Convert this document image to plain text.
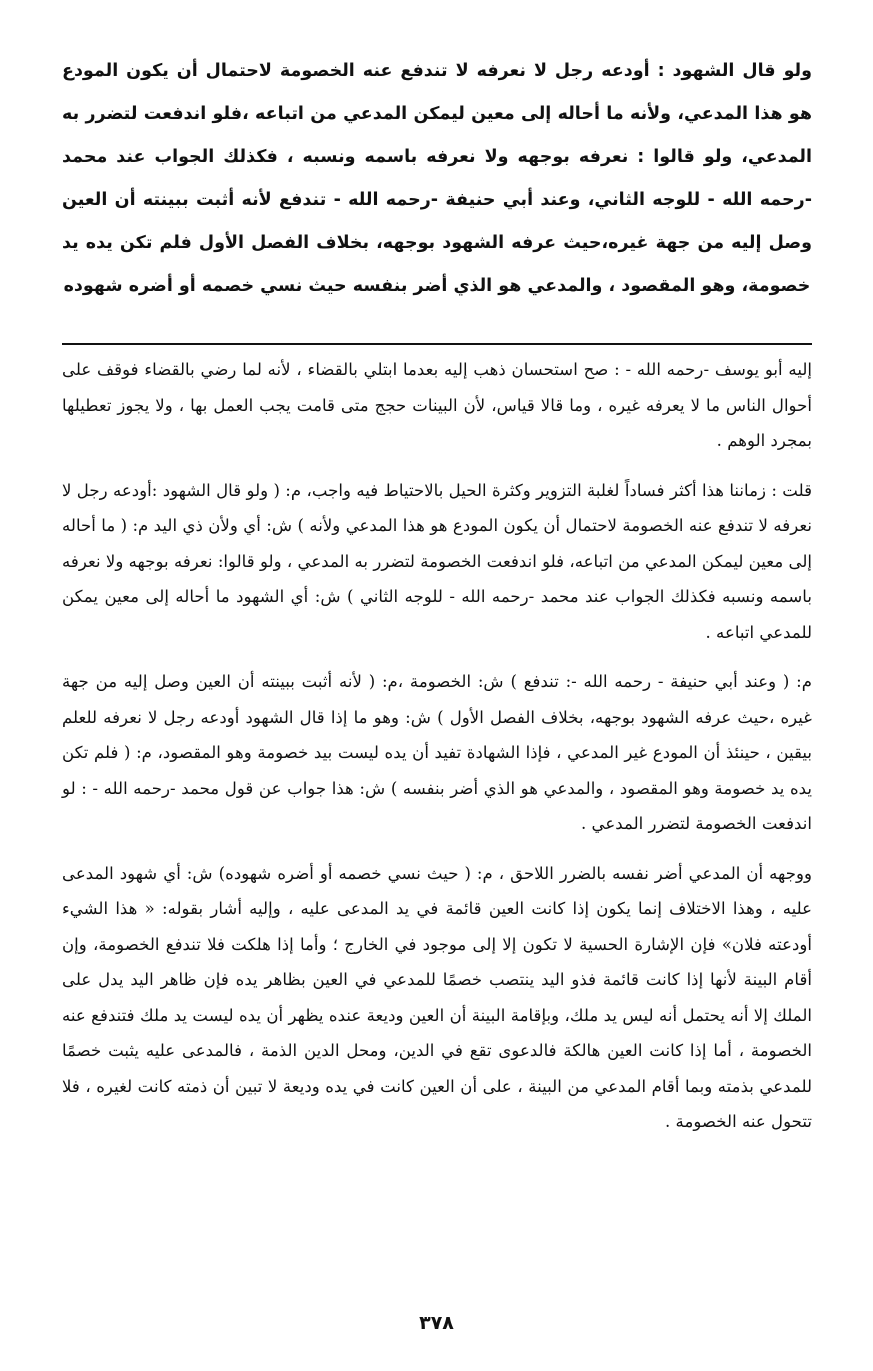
ولو قال الشهود : أودعه رجل لا نعرفه لا تندفع عنه الخصومة لاحتمال أن يكون المودع هو هذا المدعي، ولأنه ما أحاله إلى معين ليمكن المدعي من اتباعه ،فلو اندفعت لتضرر به المدعي، ولو قالوا : نعرفه بوجهه ولا نعرفه باسمه ونسبه ، فكذلك الجواب عند محمد -رحمه الله - للوجه الثاني، وعند أبي حنيفة -رحمه الله - تندفع لأنه أثبت ببينته أن العين وصل إليه من جهة غيره،حيث عرفه الشهود بوجهه، بخلاف الفصل الأول فلم تكن يده يد خصومة، وهو المقصود ، والمدعي هو الذي أضر بنفسه حيث نسي خصمه أو أضره شهوده

إليه أبو يوسف -رحمه الله - : صح استحسان ذهب إليه بعدما ابتلي بالقضاء ، لأنه لما رضي بالقضاء فوقف على أحوال الناس ما لا يعرفه غيره ، وما قالا قياس، لأن البينات حجج متى قامت يجب العمل بها ، ولا يجوز تعطيلها بمجرد الوهم .

قلت : زماننا هذا أكثر فساداً لغلبة التزوير وكثرة الحيل بالاحتياط فيه واجب، م: ( ولو قال الشهود :أودعه رجل لا نعرفه لا تندفع عنه الخصومة لاحتمال أن يكون المودع هو هذا المدعي ولأنه ) ش: أي ولأن ذي اليد م: ( ما أحاله إلى معين ليمكن المدعي من اتباعه، فلو اندفعت الخصومة لتضرر به المدعي ، ولو قالوا: نعرفه بوجهه ولا نعرفه باسمه ونسبه فكذلك الجواب عند محمد -رحمه الله - للوجه الثاني ) ش: أي الشهود ما أحاله إلى معين يمكن للمدعي اتباعه .

م: ( وعند أبي حنيفة - رحمه الله -: تندفع ) ش: الخصومة ،م: ( لأنه أثبت ببينته أن العين وصل إليه من جهة غيره ،حيث عرفه الشهود بوجهه، بخلاف الفصل الأول ) ش: وهو ما إذا قال الشهود أودعه رجل لا نعرفه للعلم بيقين ، حينئذ أن المودع غير المدعي ، فإذا الشهادة تفيد أن يده ليست بيد خصومة وهو المقصود، م: ( فلم تكن يده يد خصومة وهو المقصود ، والمدعي هو الذي أضر بنفسه ) ش: هذا جواب عن قول محمد -رحمه الله - : لو اندفعت الخصومة لتضرر المدعي .

ووجهه أن المدعي أضر نفسه بالضرر اللاحق ، م: ( حيث نسي خصمه أو أضره شهوده) ش: أي شهود المدعى عليه ، وهذا الاختلاف إنما يكون إذا كانت العين قائمة في يد المدعى عليه ، وإليه أشار بقوله: « هذا الشيء أودعته فلان» فإن الإشارة الحسية لا تكون إلا إلى موجود في الخارج ؛ وأما إذا هلكت فلا تندفع الخصومة، وإن أقام البينة لأنها إذا كانت قائمة فذو اليد ينتصب خصمًا للمدعي في العين بظاهر يده فإن ظاهر اليد يدل على الملك إلا أنه يحتمل أنه ليس يد ملك، وبإقامة البينة أن العين وديعة عنده يظهر أن يده ليست يد ملك فتندفع عنه الخصومة ، أما إذا كانت العين هالكة فالدعوى تقع في الدين، ومحل الدين الذمة ، فالمدعى عليه يثبت خصمًا للمدعي بذمته وبما أقام المدعي من البينة ، على أن العين كانت في يده وديعة لا تبين أن ذمته كانت لغيره ، فلا تتحول عنه الخصومة .

٣٧٨
